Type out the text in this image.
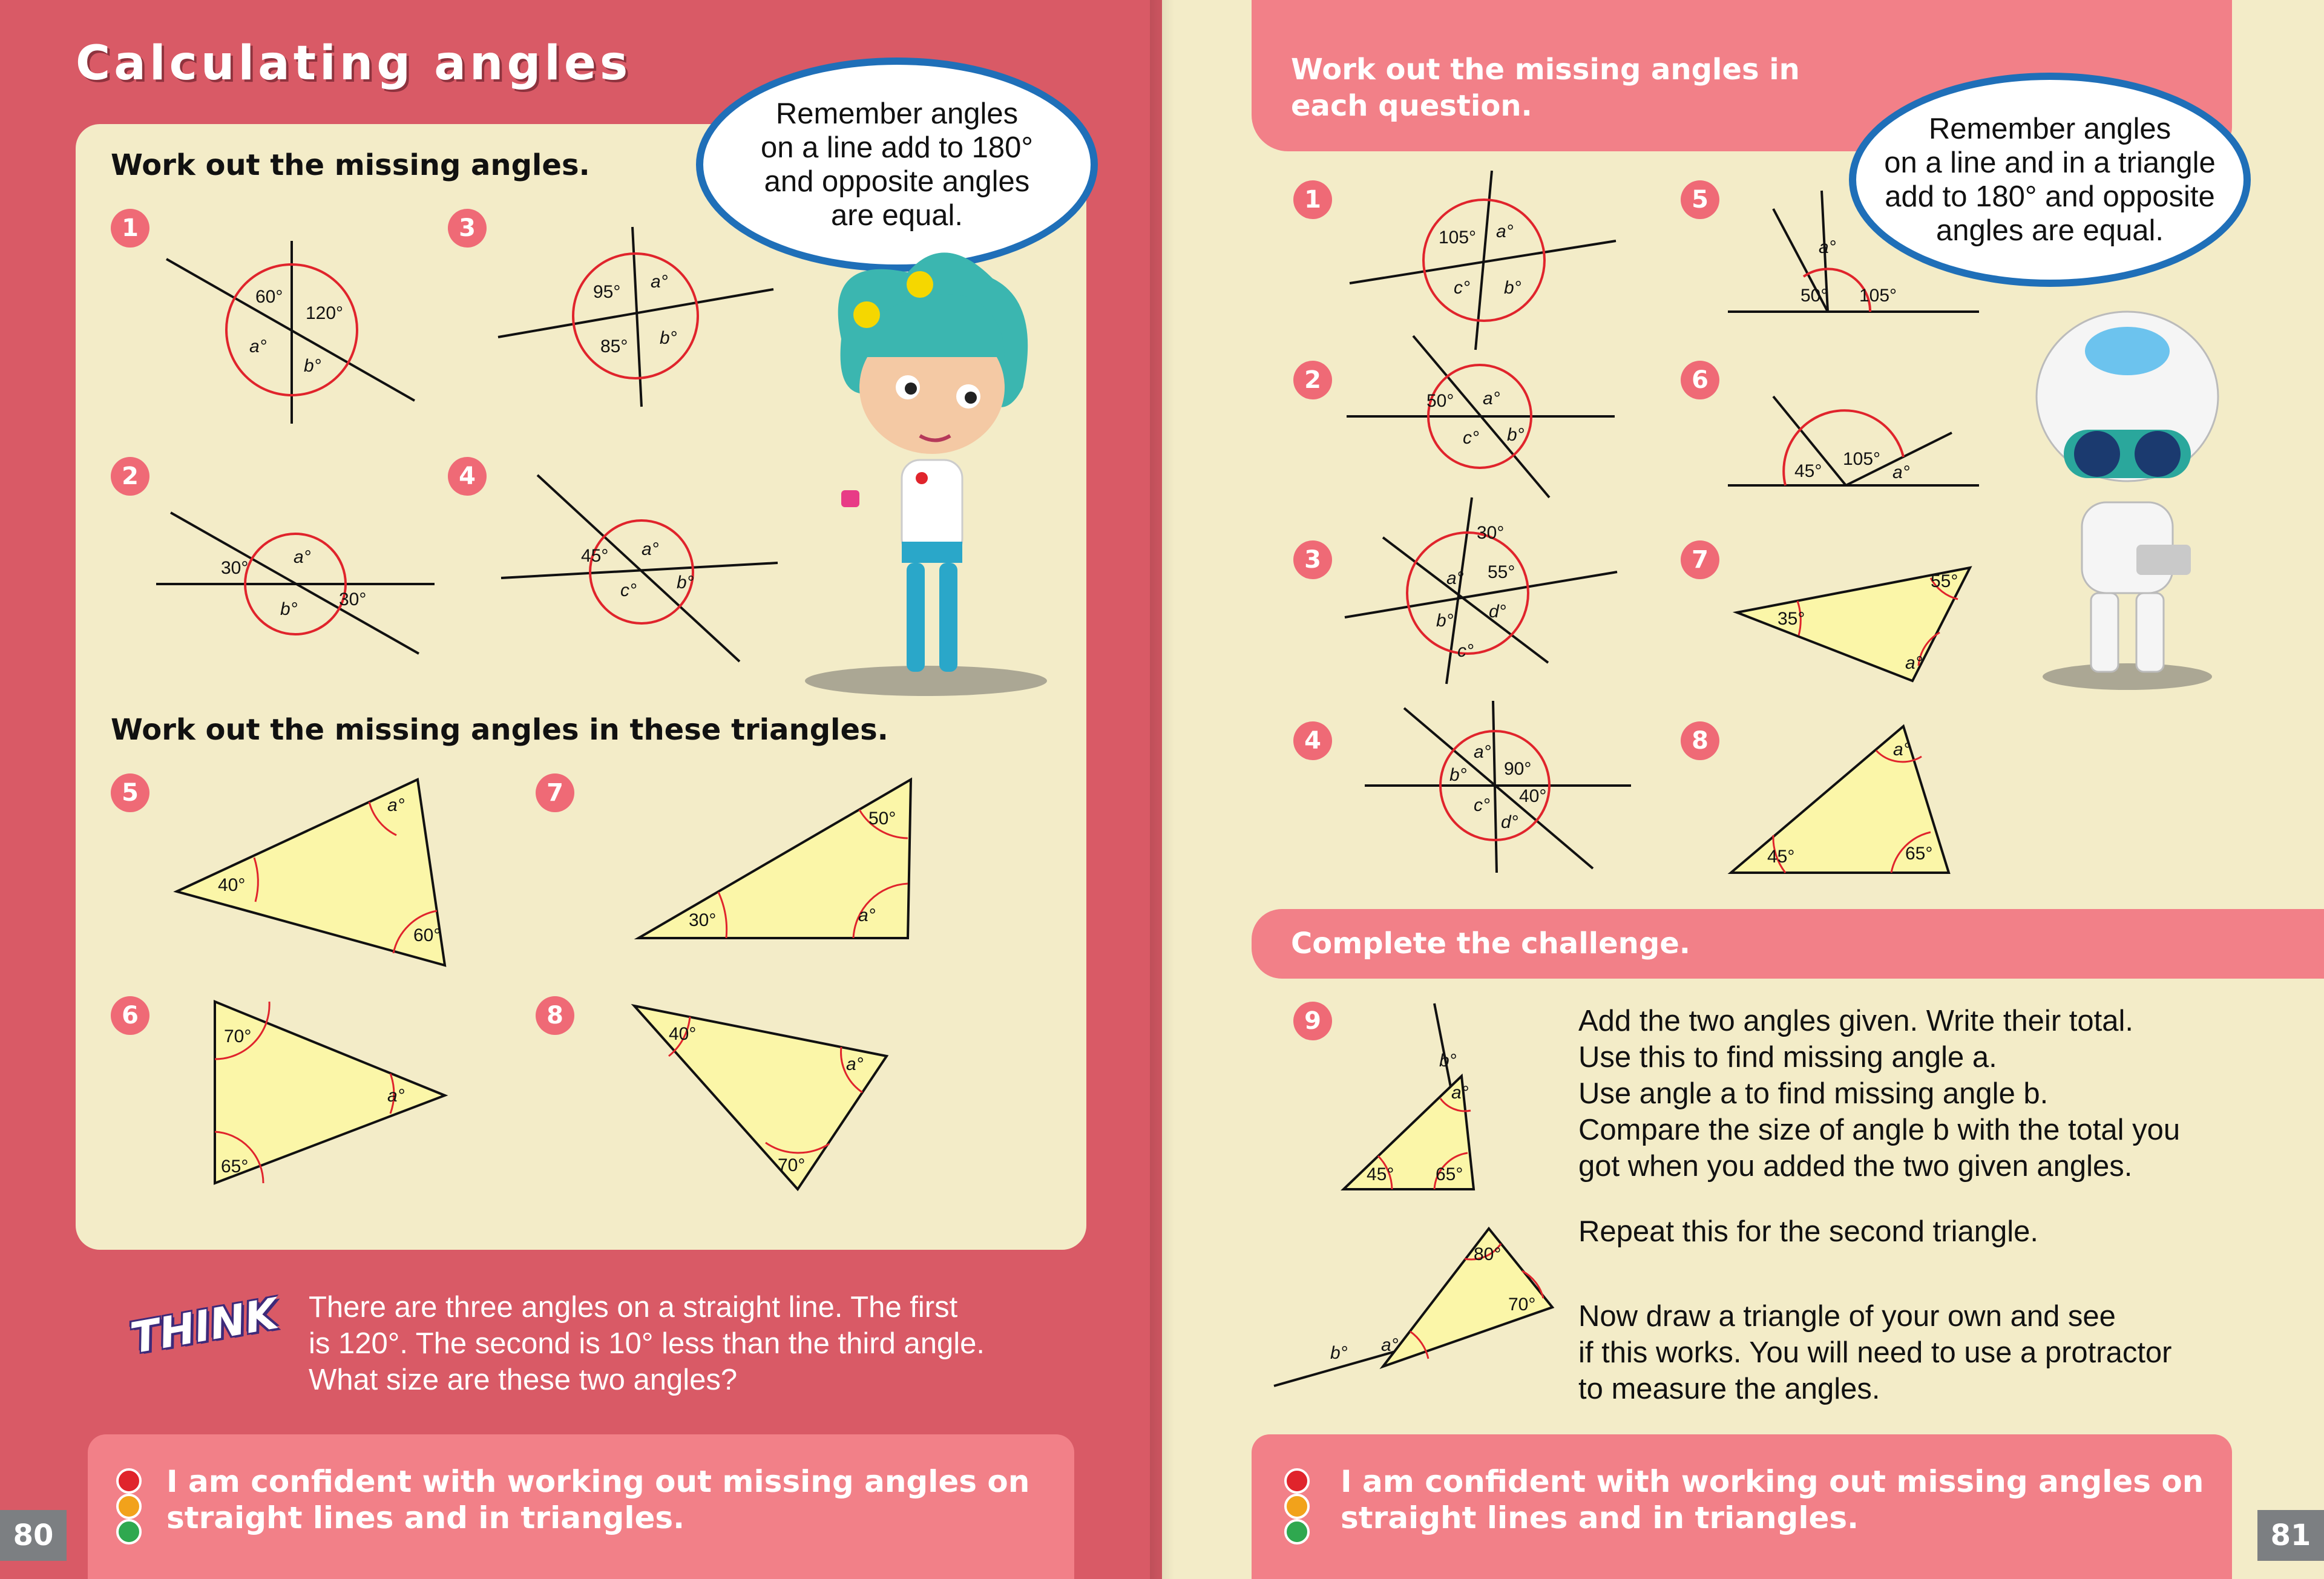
Calculating angles
Work out the missing angles.
Work out the missing angles in these triangles.
1
2
3
4
5
6
7
8
Remember angles
on a line add to 180°
and opposite angles
are equal.
60°
120°
a°
b°
30°
a°
b° 30°
95°
a°
85° b°
45° a°
c° b°
a°
40°
60°
70°
a°
65°
50°
30°	a°
40°
a°
70°
THINK There are three angles on a straight line. The first
is 120°. The second is 10° less than the third angle.
What size are these two angles?
I am confident with working out missing angles on
straight lines and in triangles.
80
Work out the missing angles in
each question.
Remember angles
on a line and in a triangle
add to 180° and opposite
angles are equal.
1
2
3
4
5
6
7
8
9
Complete the challenge.
105° a°
c° b°
50° a°
c° b°
30°
a° 55°
b° d°
c°
a°
b° 90°
c° 40°
d°
a°
50° 105°
45°
105°
a°
35°
55°
a°
a°
45°	65°
b°
a°
45° 65°
80°
70°
b° a°
Add the two angles given. Write their total.
Use this to find missing angle a.
Use angle a to find missing angle b.
Compare the size of angle b with the total you
got when you added the two given angles.
Repeat this for the second triangle.
Now draw a triangle of your own and see
if this works. You will need to use a protractor
to measure the angles.
I am confident with working out missing angles on
straight lines and in triangles.	81
